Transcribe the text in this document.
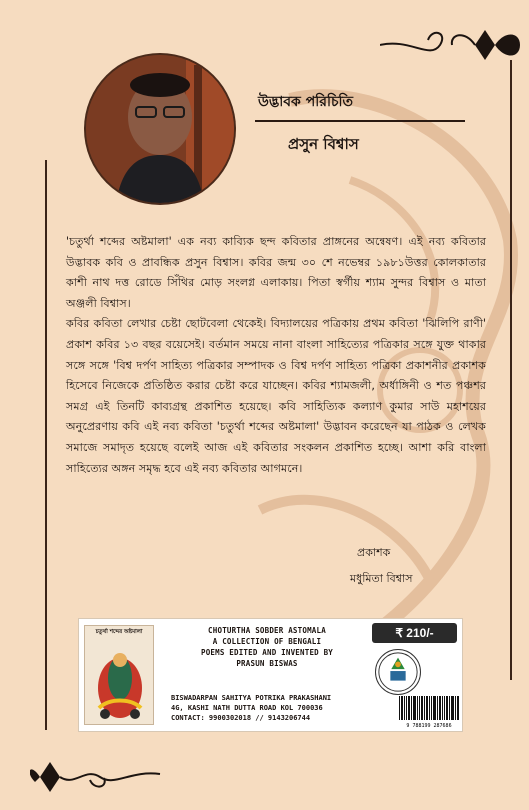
উদ্ভাবক পরিচিতি
প্রসুন বিশ্বাস

'চতুর্থা শব্দের অষ্টমালা' এক নব্য কাব্যিক ছন্দ কবিতার প্রাঙ্গনের অন্বেষণ। এই নব্য কবিতার উদ্ভাবক কবি ও প্রাবন্ধিক প্রসুন বিশ্বাস। কবির জন্ম ৩০ শে নভেম্বর ১৯৮১উত্তর কোলকাতার কাশী নাথ দত্ত রোডে সিঁথির মোড় সংলগ্ন এলাকায়। পিতা স্বর্গীয় শ্যাম সুন্দর বিশ্বাস ও মাতা অঞ্জলী বিশ্বাস।

কবির কবিতা লেখার চেষ্টা ছোটবেলা থেকেই। বিদ্যালয়ের পত্রিকায় প্রথম কবিতা 'ঝিলিপি রাণী' প্রকাশ কবির ১৩ বছর বয়েসেই। বর্তমান সময়ে নানা বাংলা সাহিত্যের পত্রিকার সঙ্গে যুক্ত থাকার সঙ্গে সঙ্গে 'বিশ্ব দর্পণ সাহিত্য পত্রিকার সম্পাদক ও বিশ্ব দর্পণ সাহিত্য পত্রিকা প্রকাশনীর প্রকাশক হিসেবে নিজেকে প্রতিষ্ঠিত করার চেষ্টা করে যাচ্ছেন। কবির শ্যামজলী, অর্ধাঙ্গিনী ও শত পঞ্চশর সমগ্র এই তিনটি কাব্যগ্রন্থ প্রকাশিত হয়েছে। কবি সাহিত্যিক কল্যাণ কুমার সাউ মহাশয়ের অনুপ্রেরণায় কবি এই নব্য কবিতা 'চতুর্থা শব্দের অষ্টমালা' উদ্ভাবন করেছেন যা পাঠক ও লেখক সমাজে সমাদৃত হয়েছে বলেই আজ এই কবিতার সংকলন প্রকাশিত হচ্ছে। আশা করি বাংলা সাহিত্যের অঙ্গন সমৃদ্ধ হবে এই নব্য কবিতার আগমনে।

প্রকাশক
মধুমিতা বিশ্বাস
চতুর্থা শব্দের অষ্টমালা	CHOTURTHA SOBDER ASTOMALA
A COLLECTION OF BENGALI
POEMS EDITED AND INVENTED BY
PRASUN BISWAS
BISWADARPAN SAHITYA POTRIKA PRAKASHANI
4G, KASHI NATH DUTTA ROAD KOL 700036
CONTACT: 9900302018 // 9143206744
₹ 210/-
9 788199 287686
